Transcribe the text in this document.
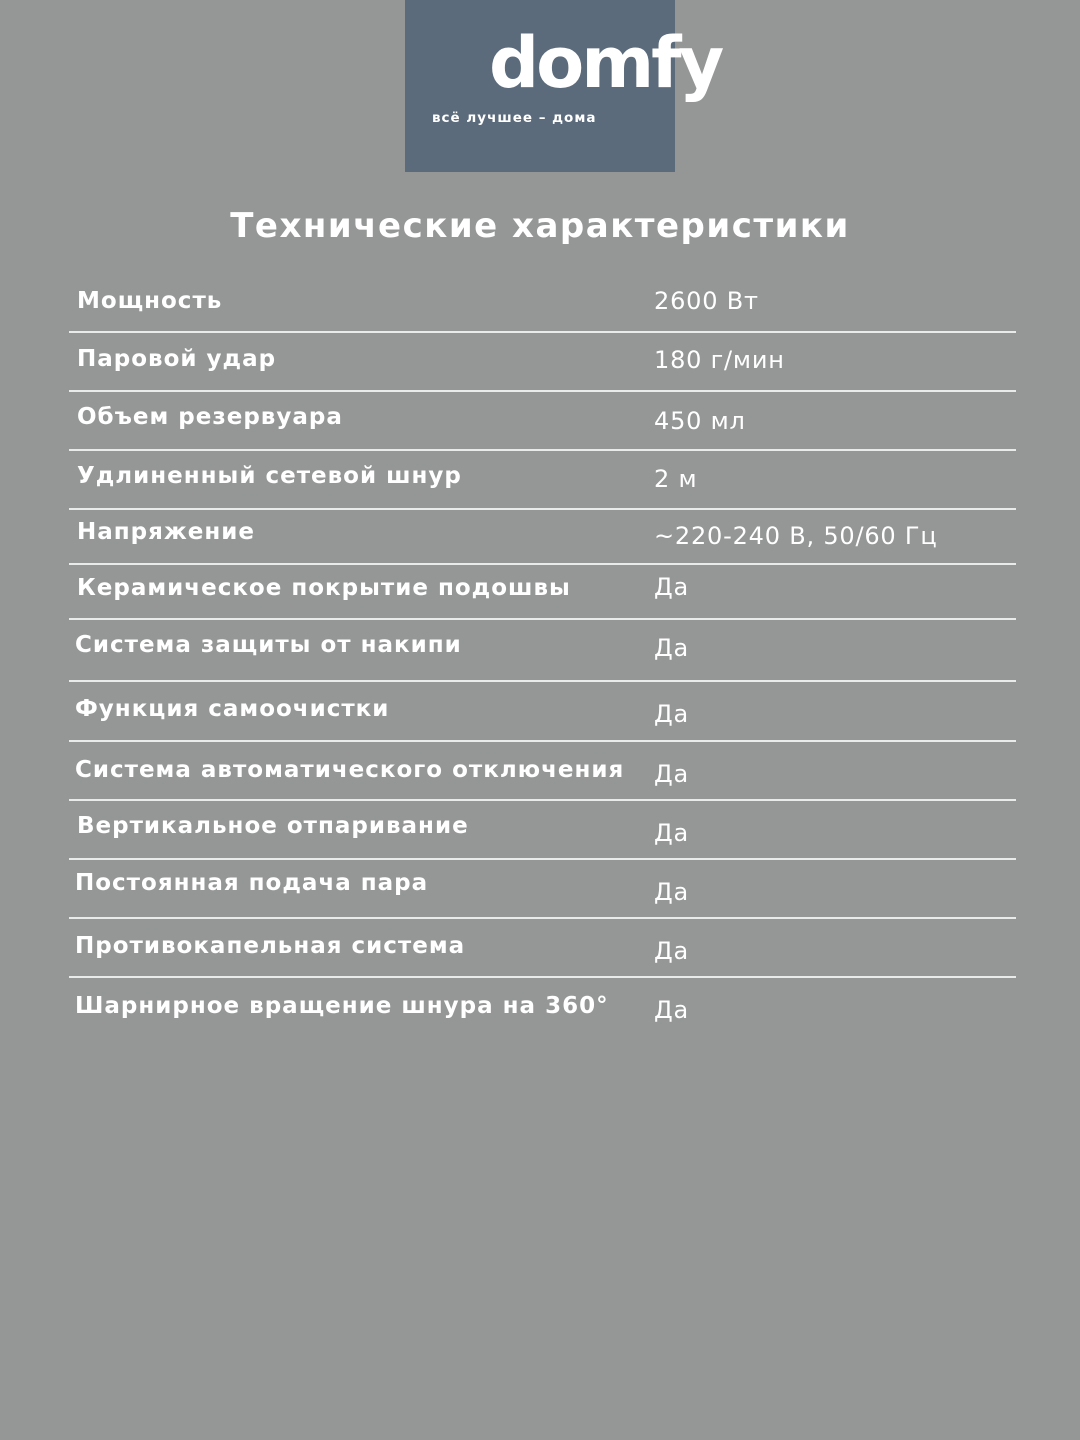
domfy
всё лучшее – дома
Технические характеристики
Мощность	2600 Вт
Паровой удар	180 г/мин
Объем резервуара	450 мл
Удлиненный сетевой шнур	2 м
Напряжение	~220-240 В, 50/60 Гц
Керамическое покрытие подошвы	Да
Система защиты от накипи	Да
Функция самоочистки	Да
Система автоматического отключения Да
Вертикальное отпаривание	Да
Постоянная подача пара	Да
Противокапельная система	Да
Шарнирное вращение шнура на 360° Да
